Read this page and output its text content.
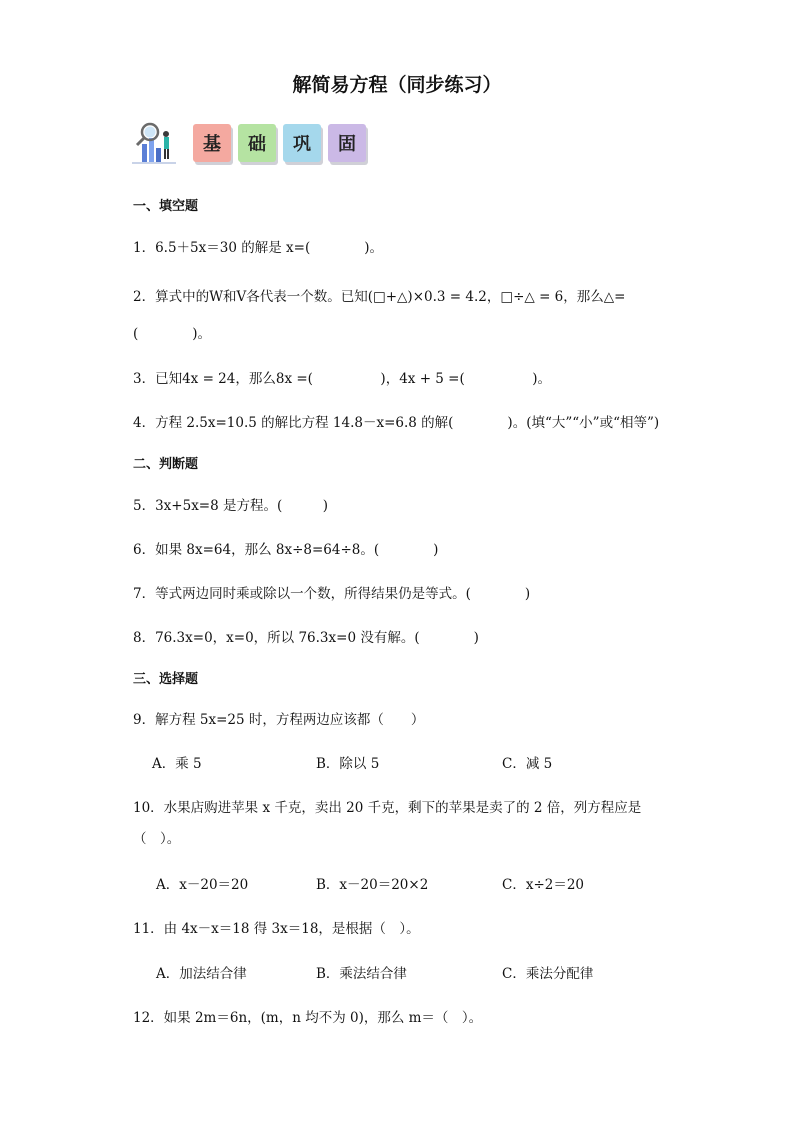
解简易方程（同步练习）
基	础	巩	固
一、填空题
1．6.5＋5x＝30 的解是 x=(　　　　)。
2．算式中的W和V各代表一个数。已知(□+△)×0.3 = 4.2，□÷△ = 6，那么△=
(　　　　)。
3．已知4x = 24，那么8x =(　　　　　)，4x + 5 =(　　　　　)。
4．方程 2.5x=10.5 的解比方程 14.8－x=6.8 的解(　　　　)。(填“大”“小”或“相等”)
二、判断题
5．3x+5x=8 是方程。(　　　)
6．如果 8x=64，那么 8x÷8=64÷8。(　　　　)
7．等式两边同时乘或除以一个数，所得结果仍是等式。(　　　　)
8．76.3x=0，x=0，所以 76.3x=0 没有解。(　　　　)
三、选择题
9．解方程 5x=25 时，方程两边应该都（　　）
A．乘 5	B．除以 5	C．减 5
10．水果店购进苹果 x 千克，卖出 20 千克，剩下的苹果是卖了的 2 倍，列方程应是
（　）。
A．x－20＝20	B．x－20＝20×2	C．x÷2＝20
11．由 4x－x＝18 得 3x＝18，是根据（　）。
A．加法结合律	B．乘法结合律	C．乘法分配律
12．如果 2m＝6n，(m，n 均不为 0)，那么 m＝（　）。
